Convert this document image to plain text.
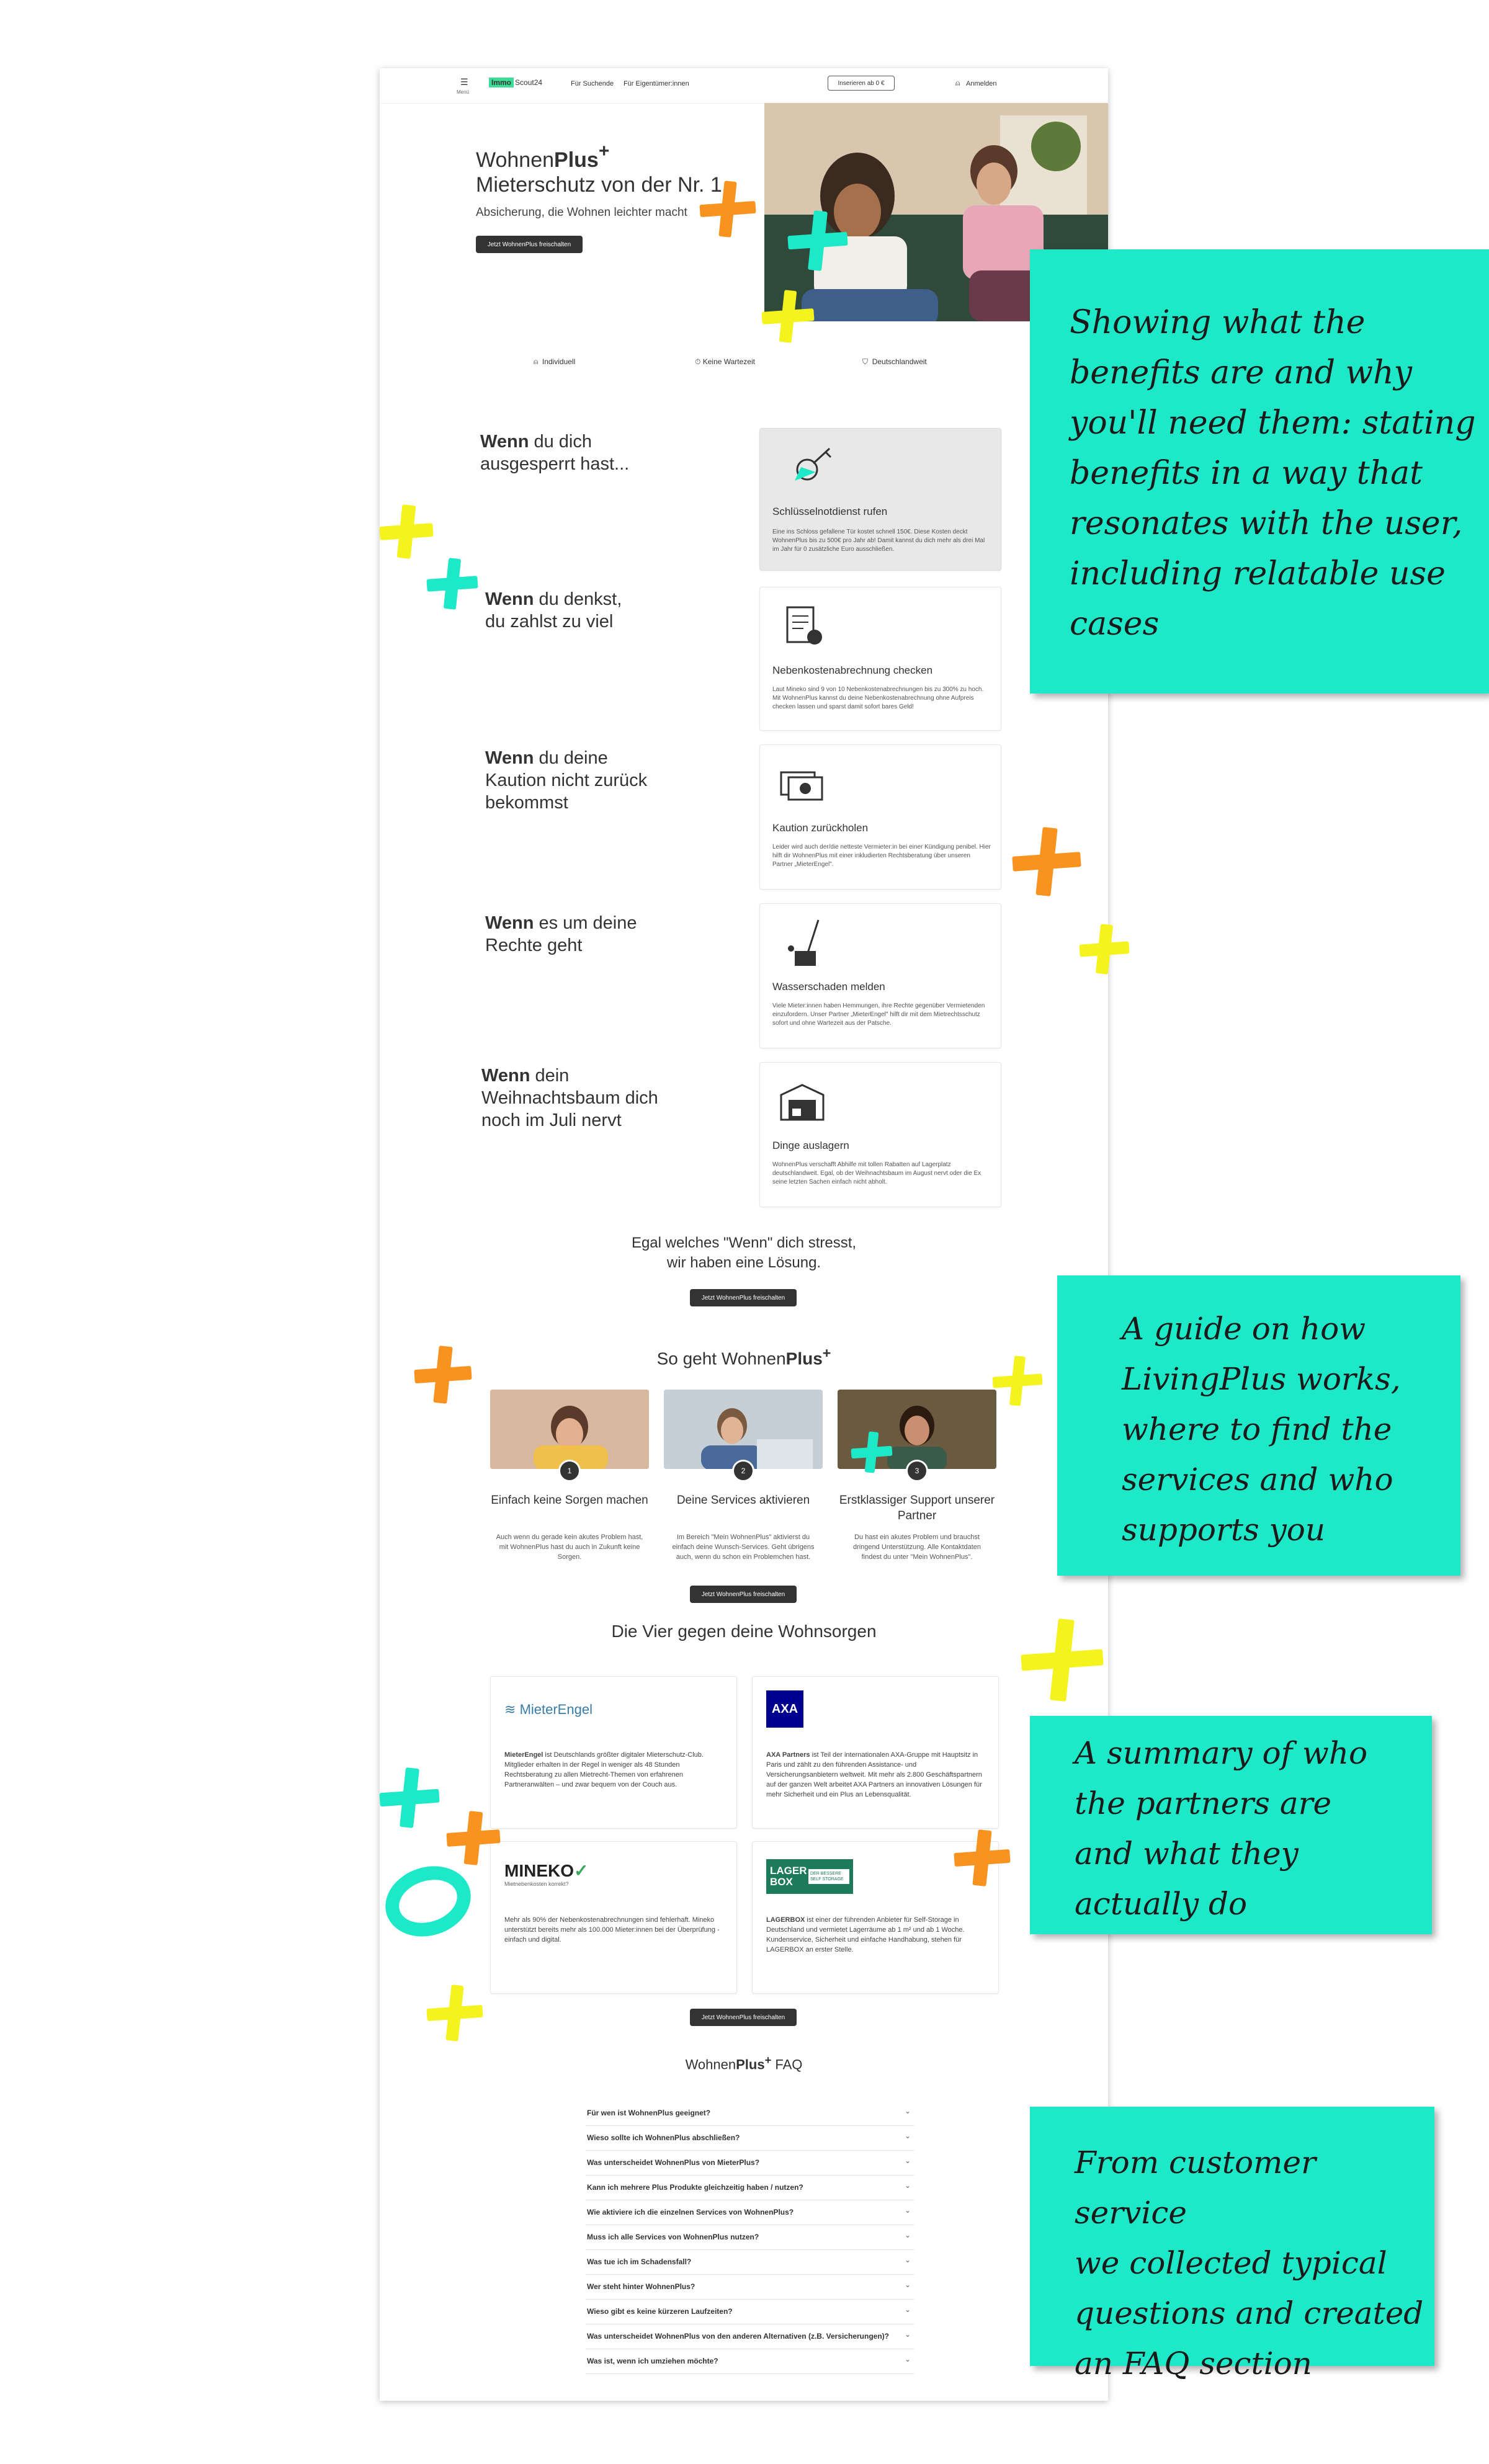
☰
Menü
Immo Scout24	Für Suchende Für Eigentümer:innen	Inserieren ab 0 €	⍝ Anmelden
WohnenPlus+
Mieterschutz von der Nr. 1
Absicherung, die Wohnen leichter macht
Jetzt WohnenPlus freischalten
⍝ Individuell	⏱ Keine Wartezeit	⛉ Deutschlandweit
Wenn du dich ausgesperrt hast...
Schlüsselnotdienst rufen
Eine ins Schloss gefallene Tür kostet schnell 150€. Diese Kosten deckt WohnenPlus bis zu 500€ pro Jahr ab! Damit kannst du dich mehr als drei Mal im Jahr für 0 zusätzliche Euro ausschließen.
Wenn du denkst, du zahlst zu viel
Nebenkostenabrechnung checken
Laut Mineko sind 9 von 10 Nebenkostenabrechnungen bis zu 300% zu hoch. Mit WohnenPlus kannst du deine Nebenkostenabrechnung ohne Aufpreis checken lassen und sparst damit sofort bares Geld!
Wenn du deine Kaution nicht zurück bekommst
Kaution zurückholen
Leider wird auch der/die netteste Vermieter:in bei einer Kündigung penibel. Hier hilft dir WohnenPlus mit einer inkludierten Rechtsberatung über unseren Partner „MieterEngel".
Wenn es um deine Rechte geht
Wasserschaden melden
Viele Mieter:innen haben Hemmungen, ihre Rechte gegenüber Vermietenden einzufordern. Unser Partner „MieterEngel" hilft dir mit dem Mietrechtsschutz sofort und ohne Wartezeit aus der Patsche.
Wenn dein Weihnachtsbaum dich noch im Juli nervt
Dinge auslagern
WohnenPlus verschafft Abhilfe mit tollen Rabatten auf Lagerplatz deutschlandweit. Egal, ob der Weihnachtsbaum im August nervt oder die Ex seine letzten Sachen einfach nicht abholt.
Egal welches "Wenn" dich stresst,
wir haben eine Lösung.
Jetzt WohnenPlus freischalten
So geht WohnenPlus+
1	2	3
Einfach keine Sorgen machen	Deine Services aktivieren	Erstklassiger Support unserer Partner
Auch wenn du gerade kein akutes Problem hast, mit WohnenPlus hast du auch in Zukunft keine Sorgen.
Im Bereich "Mein WohnenPlus" aktivierst du einfach deine Wunsch-Services. Geht übrigens auch, wenn du schon ein Problemchen hast.
Du hast ein akutes Problem und brauchst dringend Unterstützung. Alle Kontaktdaten findest du unter "Mein WohnenPlus".
Jetzt WohnenPlus freischalten
Die Vier gegen deine Wohnsorgen
≋ MieterEngel
MieterEngel ist Deutschlands größter digitaler Mieterschutz-Club. Mitglieder erhalten in der Regel in weniger als 48 Stunden Rechtsberatung zu allen Mietrecht-Themen von erfahrenen Partneranwälten – und zwar bequem von der Couch aus.
AXA
AXA Partners ist Teil der internationalen AXA-Gruppe mit Hauptsitz in Paris und zählt zu den führenden Assistance- und Versicherungsanbietern weltweit. Mit mehr als 2.800 Geschäftspartnern auf der ganzen Welt arbeitet AXA Partners an innovativen Lösungen für mehr Sicherheit und ein Plus an Lebensqualität.
MINEKO✓
Mietnebenkosten korrekt?
Mehr als 90% der Nebenkostenabrechnungen sind fehlerhaft. Mineko unterstützt bereits mehr als 100.000 Mieter:innen bei der Überprüfung - einfach und digital.
LAGER BOX
DER BESSERE SELF STORAGE
LAGERBOX ist einer der führenden Anbieter für Self-Storage in Deutschland und vermietet Lagerräume ab 1 m² und ab 1 Woche. Kundenservice, Sicherheit und einfache Handhabung, stehen für LAGERBOX an erster Stelle.
Jetzt WohnenPlus freischalten
WohnenPlus+ FAQ
Für wen ist WohnenPlus geeignet?	⌄
Wieso sollte ich WohnenPlus abschließen?	⌄
Was unterscheidet WohnenPlus von MieterPlus?	⌄
Kann ich mehrere Plus Produkte gleichzeitig haben / nutzen?	⌄
Wie aktiviere ich die einzelnen Services von WohnenPlus?	⌄
Muss ich alle Services von WohnenPlus nutzen?	⌄
Was tue ich im Schadensfall?	⌄
Wer steht hinter WohnenPlus?	⌄
Wieso gibt es keine kürzeren Laufzeiten?	⌄
Was unterscheidet WohnenPlus von den anderen Alternativen (z.B. Versicherungen)? ⌄
Was ist, wenn ich umziehen möchte?	⌄
Showing what the
benefits are and why
you'll need them: stating
benefits in a way that
resonates with the user,
including relatable use
cases
A guide on how
LivingPlus works,
where to find the
services and who
supports you
A summary of who
the partners are
and what they
actually do
From customer service
we collected typical
questions and created
an FAQ section
